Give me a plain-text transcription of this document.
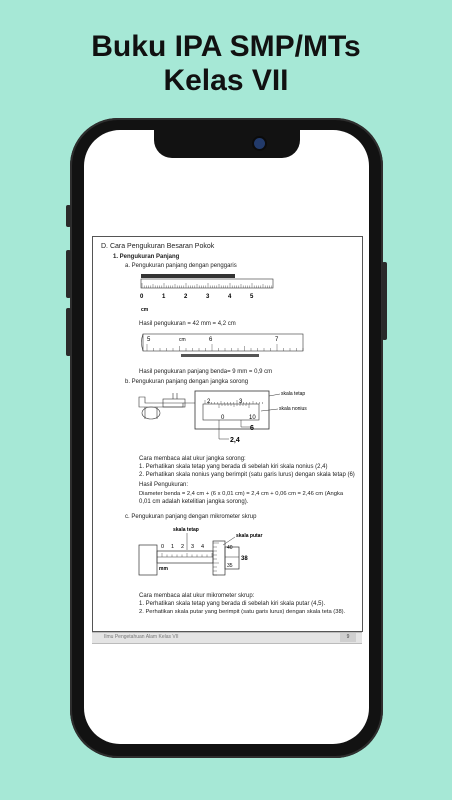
Buku IPA SMP/MTs
Kelas VII
D. Cara Pengukuran Besaran Pokok
1. Pengukuran Panjang
a. Pengukuran panjang dengan penggaris
0	1	2	3	4	5
cm
Hasil pengukuran = 42 mm = 4,2 cm
5	cm	6	7
Hasil pengukuran panjang benda= 9 mm = 0,9 cm
b. Pengukuran panjang dengan jangka sorong
2	3
0	10
skala tetap
skala nonius
6
2,4
Cara membaca alat ukur jangka sorong:
1. Perhatikan skala tetap yang berada di sebelah kiri skala nonius (2,4)
2. Perhatikan skala nonius yang berimpit (satu garis lurus) dengan skala tetap (6)
Hasil Pengukuran:
Diameter benda = 2,4 cm + (6 x 0,01 cm) = 2,4 cm + 0,06 cm = 2,46 cm (Angka
0,01 cm adalah ketelitian jangka sorong).
c. Pengukuran panjang dengan mikrometer skrup
0 1 2 3 4
mm
40
38
35
skala tetap
skala putar
Cara membaca alat ukur mikrometer skrup:
1. Perhatikan skala tetap yang berada di sebelah kiri skala putar (4,5).
2. Perhatikan skala putar yang berimpit (satu garis lurus) dengan skala teta (38).
Ilmu Pengetahuan Alam Kelas VII	9
